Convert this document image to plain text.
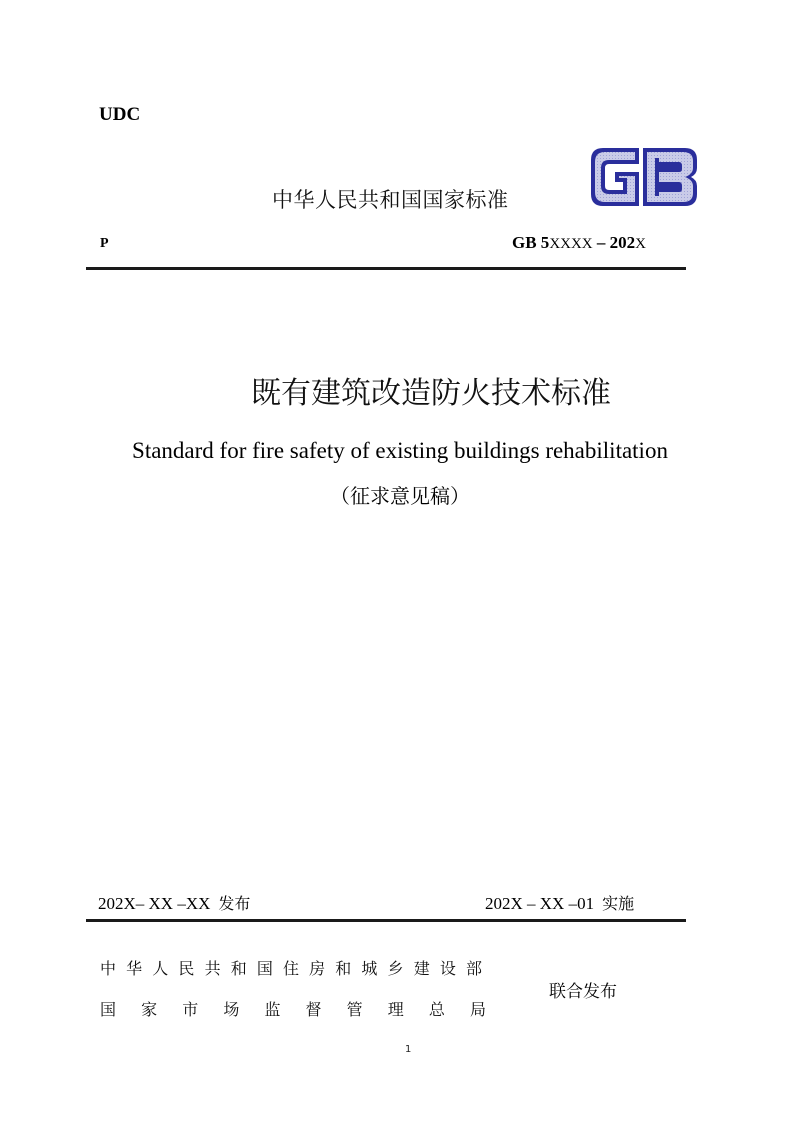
UDC
中华人民共和国国家标准
P	GB 5XXXX – 202X
既有建筑改造防火技术标准
Standard for fire safety of existing buildings rehabilitation
（征求意见稿）
202X– XX –XX 发布	202X – XX –01 实施
中 华 人 民 共 和 国 住 房 和 城 乡 建 设 部
国 家 市 场 监 督 管 理 总 局
联合发布
1
